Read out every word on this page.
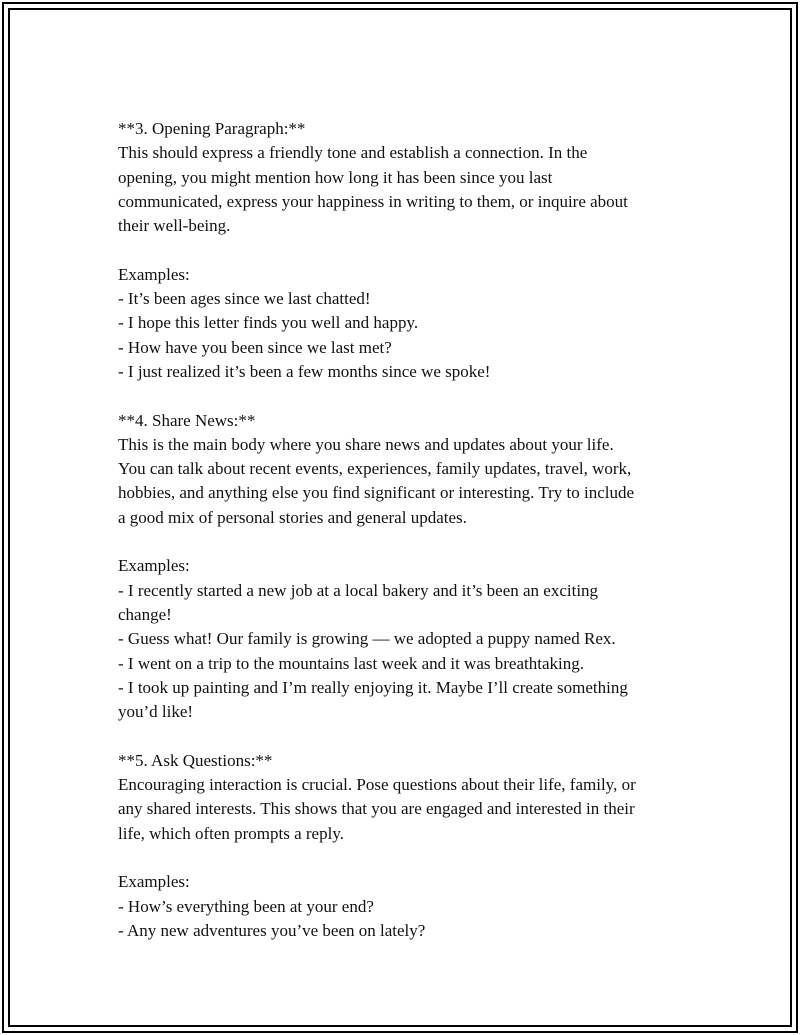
**3. Opening Paragraph:**
This should express a friendly tone and establish a connection. In the
opening, you might mention how long it has been since you last
communicated, express your happiness in writing to them, or inquire about
their well-being.
Examples:
- It’s been ages since we last chatted!
- I hope this letter finds you well and happy.
- How have you been since we last met?
- I just realized it’s been a few months since we spoke!
**4. Share News:**
This is the main body where you share news and updates about your life.
You can talk about recent events, experiences, family updates, travel, work,
hobbies, and anything else you find significant or interesting. Try to include
a good mix of personal stories and general updates.
Examples:
- I recently started a new job at a local bakery and it’s been an exciting
change!
- Guess what! Our family is growing — we adopted a puppy named Rex.
- I went on a trip to the mountains last week and it was breathtaking.
- I took up painting and I’m really enjoying it. Maybe I’ll create something
you’d like!
**5. Ask Questions:**
Encouraging interaction is crucial. Pose questions about their life, family, or
any shared interests. This shows that you are engaged and interested in their
life, which often prompts a reply.
Examples:
- How’s everything been at your end?
- Any new adventures you’ve been on lately?
